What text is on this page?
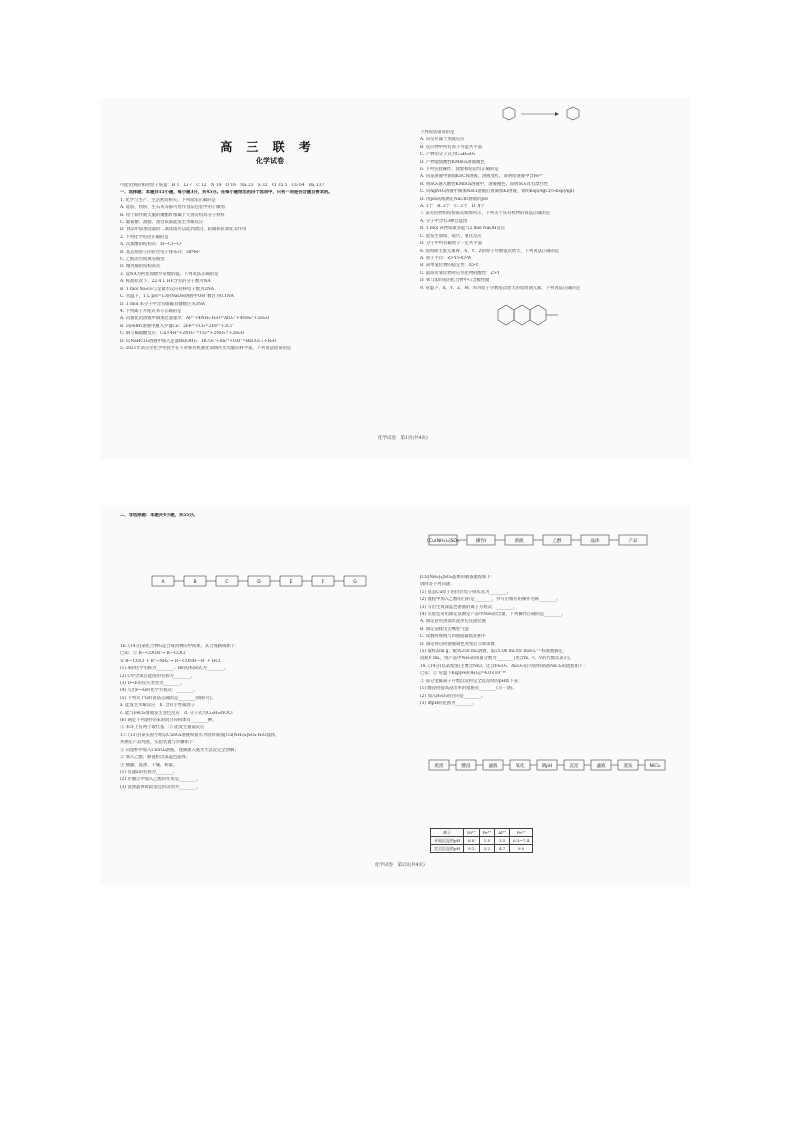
高 三 联 考
化学试卷

可能用到的相对原子质量：H 1　Li 7　C 12　N 14　O 16　Na 23　S 32　Cl 35.5　Cu 64　Ba 137

一、选择题：本题共15小题，每小题3分，共45分。在每小题给出的四个选项中，只有一项是符合题目要求的。

1. 化学与生产、生活密切相关。下列说法正确的是

A. 硅胶、铁粉、生石灰等都可用作食品包装中的干燥剂

B. 用于制作航天服的聚酯纤维属于天然有机高分子材料

C. 葡萄糖、油脂、蛋白质都能发生水解反应

D. 食品中添加适量的二氧化硫可以起到漂白、防腐和抗氧化等作用

2. 下列化学用语正确的是

A. 次氯酸的结构式：H—Cl—O

B. 基态铬原子的价层电子排布式：3d⁴4s²

C. 乙醛的空间填充模型

D. 聚丙烯的结构简式

3. 设NA为阿伏加德罗常数的值。下列说法正确的是

A. 标准状况下，22.4 L HF含有的分子数为NA

B. 1 mol Na₂O₂与足量水反应转移电子数为2NA

C. 常温下，1 L pH=13的NaOH溶液中OH⁻数目为0.1NA

D. 1 mol 苯分子中含有碳碳双键数目为3NA

4. 下列离子方程式书写正确的是

A. 向氯化铝溶液中滴加过量氨水：Al³⁺+4NH₃·H₂O=AlO₂⁻+4NH₄⁺+2H₂O

B. 向FeBr₂溶液中通入少量Cl₂：2Fe²⁺+Cl₂=2Fe³⁺+2Cl⁻

C. 铜与稀硝酸反应：Cu+4H⁺+2NO₃⁻=Cu²⁺+2NO₂↑+2H₂O

D. 向NaHCO₃溶液中加入足量Ba(OH)₂：HCO₃⁻+Ba²⁺+OH⁻=BaCO₃↓+H₂O

5. 2021年诺贝尔化学奖授予在不对称有机催化领域作出贡献的科学家，下列说法错误的是

下列说法错误的是

A. 该反应属于加成反应

B. 反应物中所有原子可能共平面

C. 产物的分子式为C₁₀H₁₀O₃

D. 产物能使酸性KMnO₄溶液褪色

6. 下列实验操作、现象和结论均正确的是

A. 向某溶液中滴加KSCN溶液，溶液变红，说明原溶液中含Fe³⁺

B. 将SO₂通入酸性KMnO₄溶液中，溶液褪色，说明SO₂具有漂白性

C. 向AgNO₃溶液中滴加NaCl溶液后再滴加KI溶液，说明Ksp(AgCl)>Ksp(AgI)

D. 用pH试纸测定NaClO溶液的pH

A. 1个　B. 2个　C. 3个　D. 4个

7. 某有机物的结构简式如图所示，下列关于该有机物的说法正确的是

A. 分子中含有3种官能团

B. 1 mol 该物质最多能与2 mol NaOH反应

C. 能发生加成、取代、氧化反应

D. 分子中所有碳原子一定共平面

8. 短周期主族元素W、X、Y、Z的原子序数依次增大，下列说法正确的是

A. 原子半径：Z>Y>X>W

B. 简单氢化物的稳定性：X>Y

C. 最高价氧化物对应水化物的酸性：Z>Y

D. W与X形成的化合物中只含极性键

9. 常温下，X、Y、Z、M、N为原子序数依次增大的短周期元素，下列说法正确的是

化学试卷　第1页(共4页)

二、非选择题：本题共4小题，共55分。

A	B	C	D	E	F	G

16. (14分)某化合物G是合成药物的中间体，其合成路线如下：

已知：① R—COOH → R—COCl

② R—COCl + R'—NH₂ → R—CONH—R' + HCl

(1) A的化学名称为________；B的结构简式为________。

(2) C中含氧官能团的名称为________。

(3) D→E的反应类型为________。

(4) 写出F→G的化学方程式：________。

(5) 下列关于G的说法正确的是________(填标号)。

a. 能发生水解反应　b. 含有手性碳原子

c. 能与FeCl₃溶液发生显色反应　d. 分子式为C₁₈H₁₈NOCl

(6) 满足下列条件的E的同分异构体有________种。

① 苯环上有两个取代基　② 能发生银镜反应

17. (13分)某实验小组以CuSO₄溶液和氨水为原料制备[Cu(NH₃)₄]SO₄·H₂O晶体，

并测定产品纯度。实验装置与步骤如下：

① 向烧杯中加入CuSO₄溶液，逐滴加入氨水至沉淀完全溶解；

② 加入乙醇，静置析出深蓝色晶体；

③ 抽滤、洗涤、干燥，称量。

(1) 仪器a的名称为________。

(2) 步骤②中加入乙醇的作用是________。

(3) 洗涤晶体时最适宜的试剂为________。

[Cu(NH₃)₄]SO₄	操作I	溶液	乙醇	晶体	产品

[Cu(NH₃)₄]SO₄晶体的制备流程如下：

请回答下列问题：

(1) 基态Cu原子的价层电子排布式为________。

(2) 流程中加入乙醇的目的是________，并写出相应的操作名称________。

(3) 写出生成深蓝色溶液的离子方程式：________。

(4) 实验室常用滴定法测定产品中NH₃的含量，下列操作正确的是________。

A. 滴定管用蒸馏水洗净后直接装液

B. 滴定前排出尖嘴处气泡

C. 读数时视线与凹液面最低处相平

D. 滴定终点时溶液颜色突变后立即读数

(5) 取样品m g，配成250 mL溶液，取25.00 mL用c mol·L⁻¹ 标准液滴定，

消耗V mL，则产品中NH₃的质量分数为________(用含m、c、V的代数式表示)。

18. (14分)以某废渣(主要含NiO，还含Fe₂O₃、Al₂O₃等)为原料制备NiCl₂的流程如下：

已知：① 常温下Ksp[Fe(OH)₃]=4.0×10⁻³⁸

② 部分金属离子开始沉淀和完全沉淀时的pH如下表：

(1) 酸浸时提高浸出率的措施有________(写一条)。

(2) 加入H₂O₂的目的是________。

(3) 调pH的范围为________。

废渣	酸浸	滤液	氧化	调pH	沉淀	滤液	蒸发	NiCl₂
离子	Ni²⁺	Fe³⁺	Al³⁺	Fe²⁺
开始沉淀的pH	6.8	1.5	3.5	6.3~7.4
完全沉淀的pH	9.2	3.2	4.7	9.0
化学试卷　第2页(共4页)
